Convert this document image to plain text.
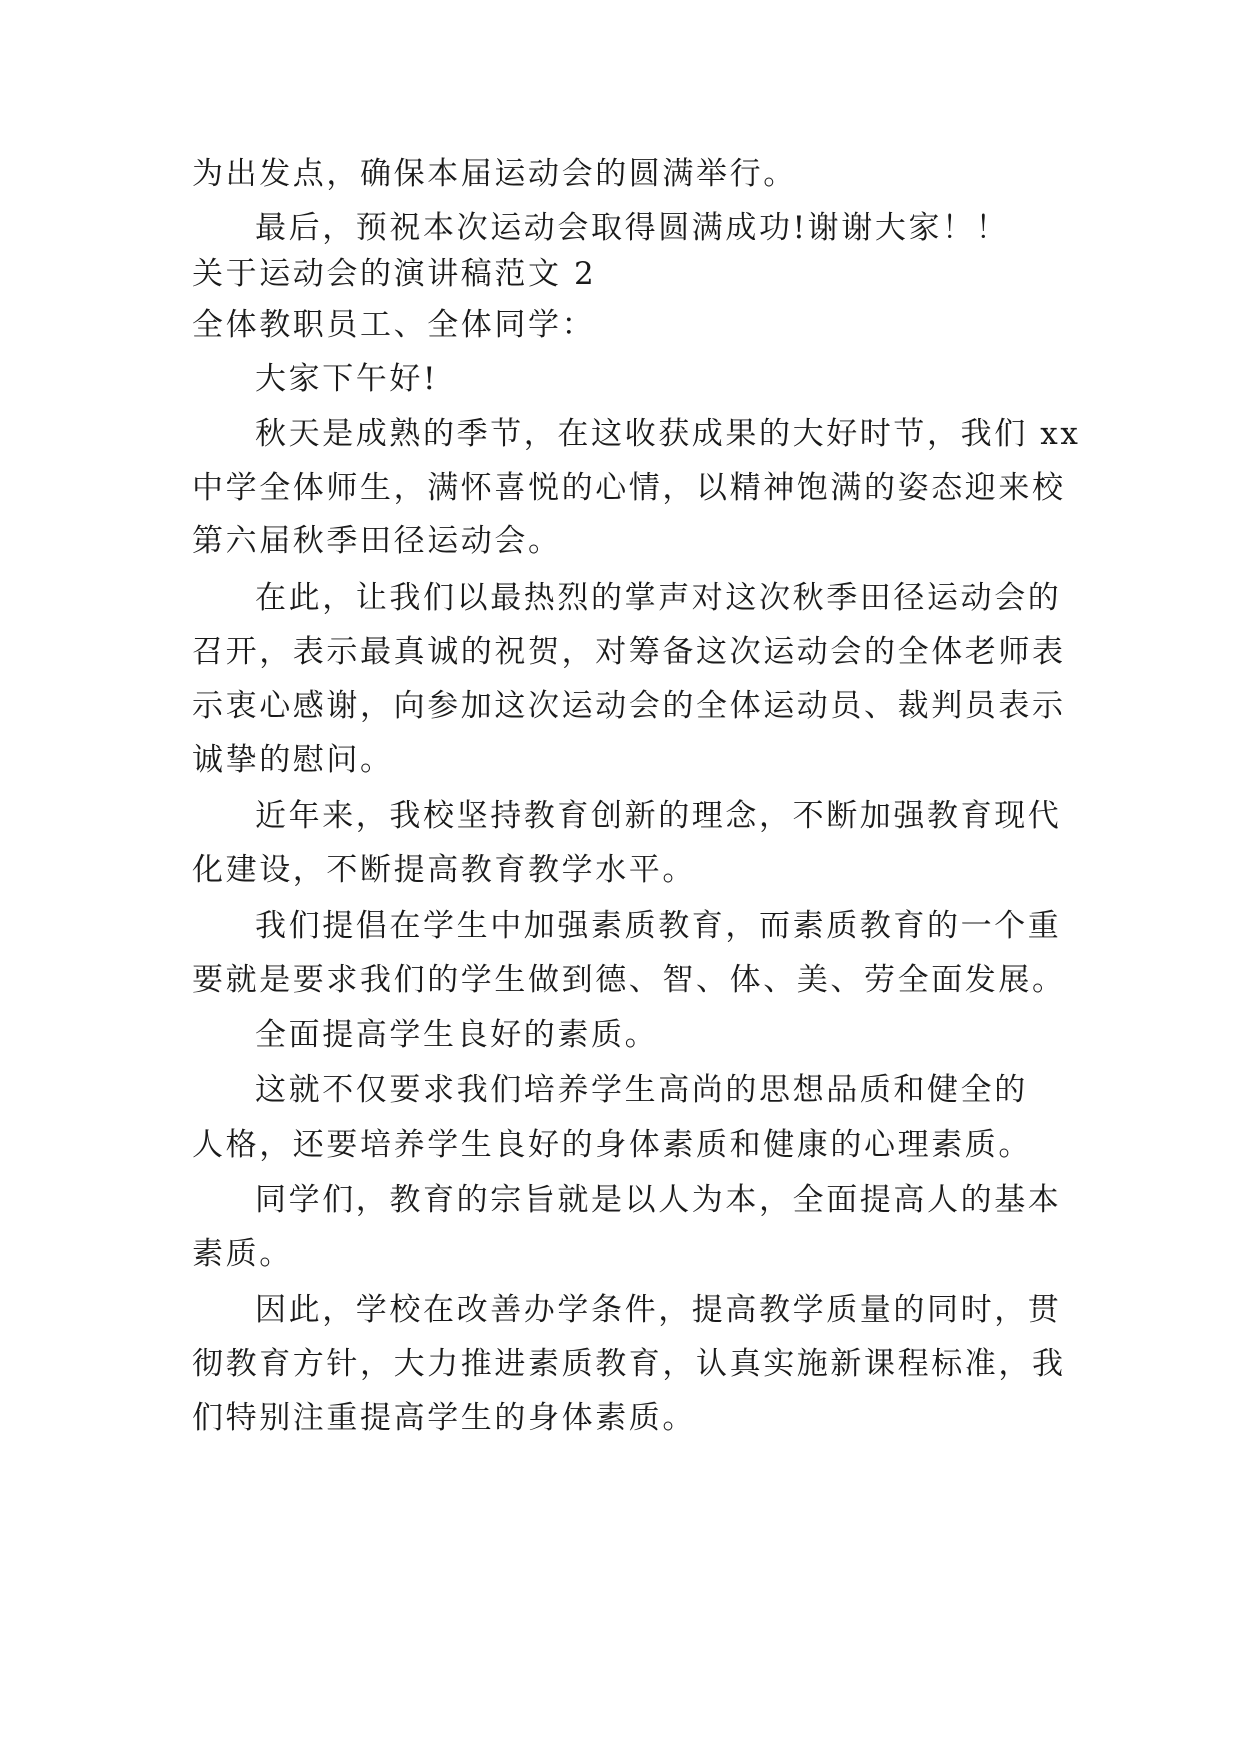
为出发点，确保本届运动会的圆满举行。
最后，预祝本次运动会取得圆满成功!谢谢大家！！
关于运动会的演讲稿范文 2
全体教职员工、全体同学：
大家下午好!
秋天是成熟的季节，在这收获成果的大好时节，我们 xx
中学全体师生，满怀喜悦的心情，以精神饱满的姿态迎来校
第六届秋季田径运动会。
在此，让我们以最热烈的掌声对这次秋季田径运动会的
召开，表示最真诚的祝贺，对筹备这次运动会的全体老师表
示衷心感谢，向参加这次运动会的全体运动员、裁判员表示
诚挚的慰问。
近年来，我校坚持教育创新的理念，不断加强教育现代
化建设，不断提高教育教学水平。
我们提倡在学生中加强素质教育，而素质教育的一个重
要就是要求我们的学生做到德、智、体、美、劳全面发展。
全面提高学生良好的素质。
这就不仅要求我们培养学生高尚的思想品质和健全的
人格，还要培养学生良好的身体素质和健康的心理素质。
同学们，教育的宗旨就是以人为本，全面提高人的基本
素质。
因此，学校在改善办学条件，提高教学质量的同时，贯
彻教育方针，大力推进素质教育，认真实施新课程标准，我
们特别注重提高学生的身体素质。
